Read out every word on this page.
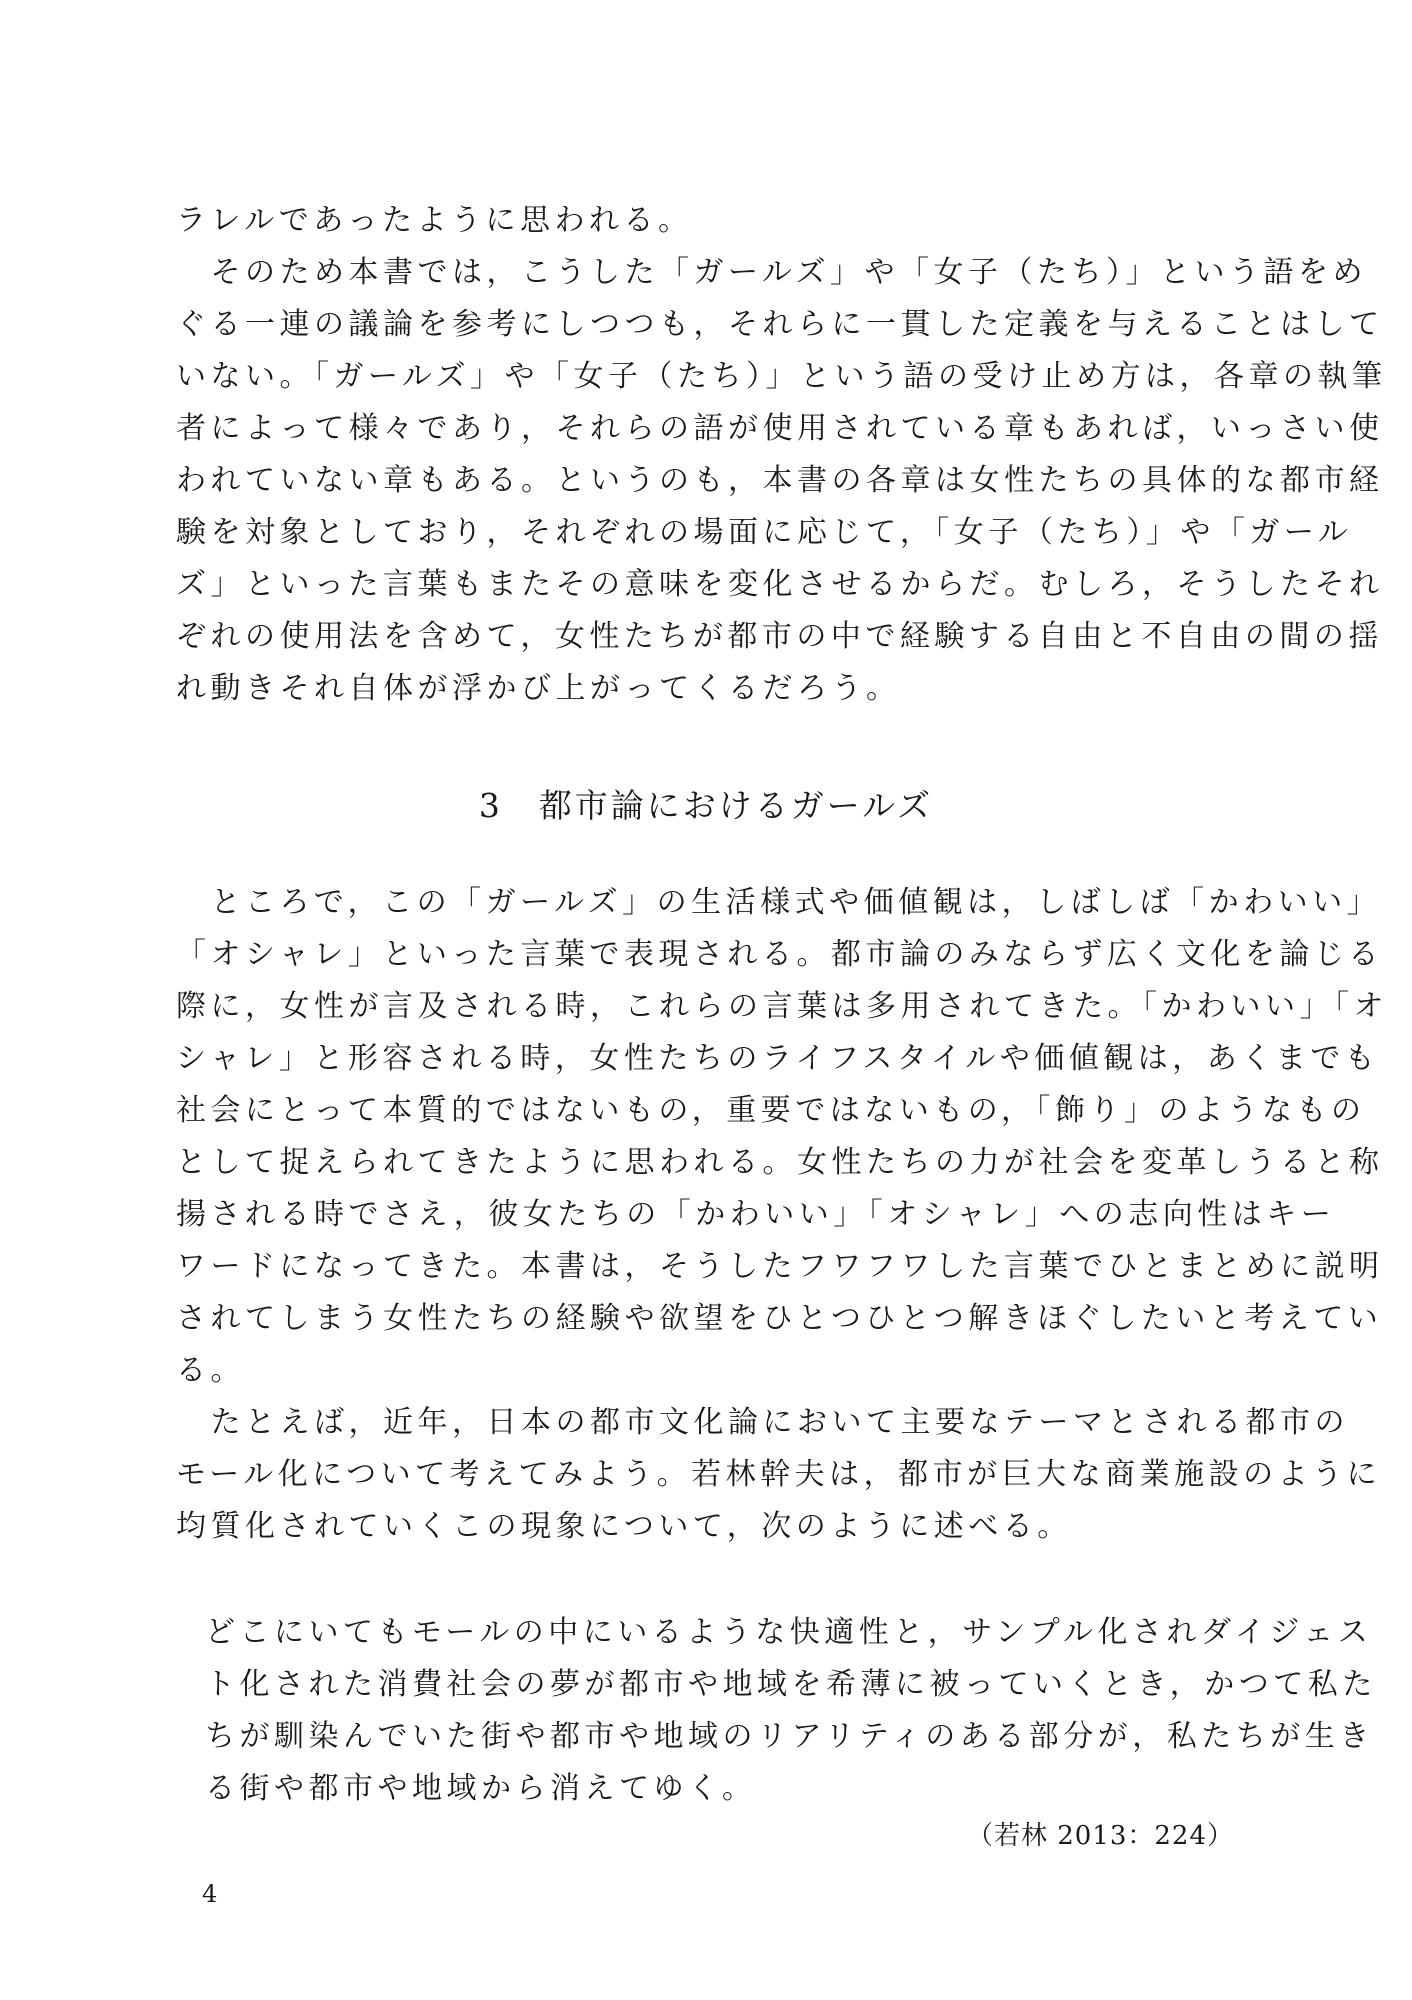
ラレルであったように思われる。
　そのため本書では，こうした「ガールズ」や「女子（たち）」という語をめ
ぐる一連の議論を参考にしつつも，それらに一貫した定義を与えることはして
いない。「ガールズ」や「女子（たち）」という語の受け止め方は，各章の執筆
者によって様々であり，それらの語が使用されている章もあれば，いっさい使
われていない章もある。というのも，本書の各章は女性たちの具体的な都市経
験を対象としており，それぞれの場面に応じて，「女子（たち）」や「ガール
ズ」といった言葉もまたその意味を変化させるからだ。むしろ，そうしたそれ
ぞれの使用法を含めて，女性たちが都市の中で経験する自由と不自由の間の揺
れ動きそれ自体が浮かび上がってくるだろう。
3　都市論におけるガールズ
　ところで，この「ガールズ」の生活様式や価値観は，しばしば「かわいい」
「オシャレ」といった言葉で表現される。都市論のみならず広く文化を論じる
際に，女性が言及される時，これらの言葉は多用されてきた。「かわいい」「オ
シャレ」と形容される時，女性たちのライフスタイルや価値観は，あくまでも
社会にとって本質的ではないもの，重要ではないもの，「飾り」のようなもの
として捉えられてきたように思われる。女性たちの力が社会を変革しうると称
揚される時でさえ，彼女たちの「かわいい」「オシャレ」への志向性はキー
ワードになってきた。本書は，そうしたフワフワした言葉でひとまとめに説明
されてしまう女性たちの経験や欲望をひとつひとつ解きほぐしたいと考えてい
る。
　たとえば，近年，日本の都市文化論において主要なテーマとされる都市の
モール化について考えてみよう。若林幹夫は，都市が巨大な商業施設のように
均質化されていくこの現象について，次のように述べる。
どこにいてもモールの中にいるような快適性と，サンプル化されダイジェス
ト化された消費社会の夢が都市や地域を希薄に被っていくとき，かつて私た
ちが馴染んでいた街や都市や地域のリアリティのある部分が，私たちが生き
る街や都市や地域から消えてゆく。
（若林 2013：224）
4
